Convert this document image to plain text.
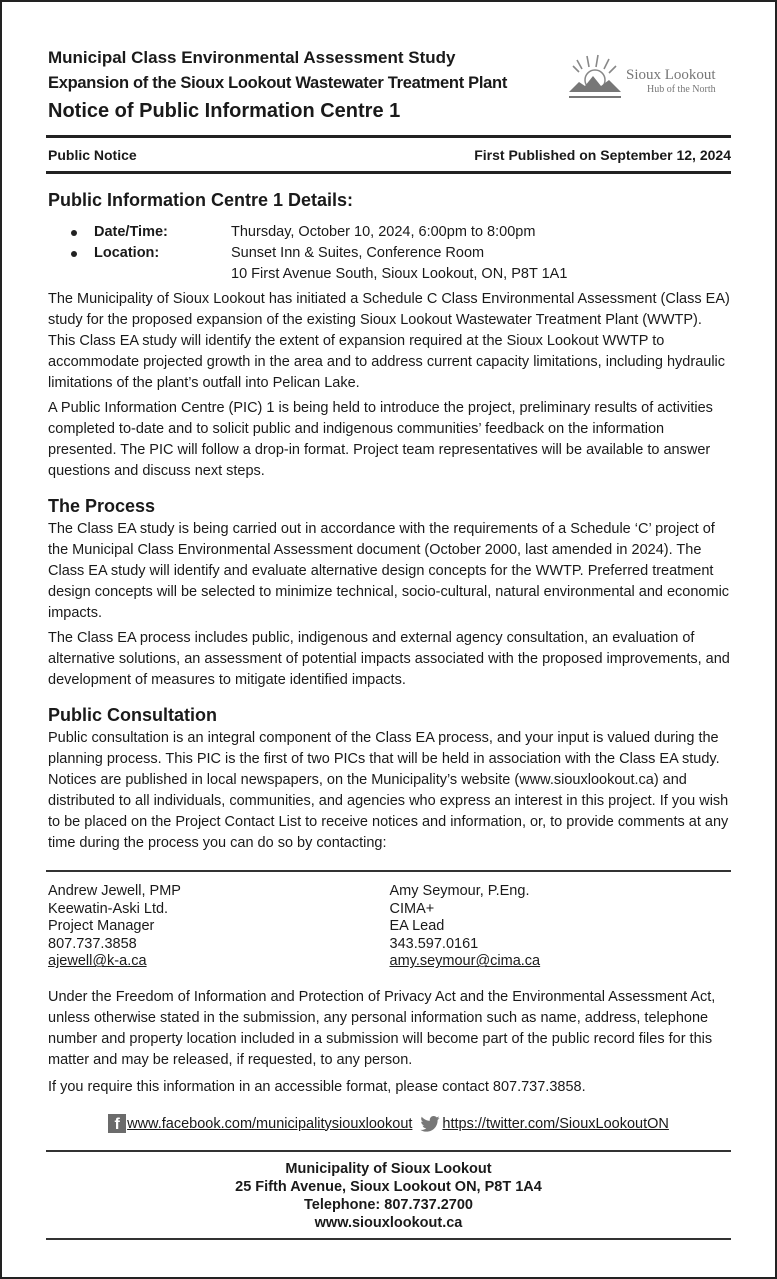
Municipal Class Environmental Assessment Study
Expansion of the Sioux Lookout Wastewater Treatment Plant
Notice of Public Information Centre 1
Sioux Lookout
Hub of the North
Public Notice	First Published on September 12, 2024
Public Information Centre 1 Details:
Date/Time:	Thursday, October 10, 2024, 6:00pm to 8:00pm
Location:	Sunset Inn & Suites, Conference Room
10 First Avenue South, Sioux Lookout, ON, P8T 1A1

The Municipality of Sioux Lookout has initiated a Schedule C Class Environmental Assessment (Class EA) study for the proposed expansion of the existing Sioux Lookout Wastewater Treatment Plant (WWTP). This Class EA study will identify the extent of expansion required at the Sioux Lookout WWTP to accommodate projected growth in the area and to address current capacity limitations, including hydraulic limitations of the plant’s outfall into Pelican Lake.

A Public Information Centre (PIC) 1 is being held to introduce the project, preliminary results of activities completed to-date and to solicit public and indigenous communities’ feedback on the information presented. The PIC will follow a drop-in format. Project team representatives will be available to answer questions and discuss next steps.

The Process

The Class EA study is being carried out in accordance with the requirements of a Schedule ‘C’ project of the Municipal Class Environmental Assessment document (October 2000, last amended in 2024). The Class EA study will identify and evaluate alternative design concepts for the WWTP. Preferred treatment design concepts will be selected to minimize technical, socio-cultural, natural environmental and economic impacts.

The Class EA process includes public, indigenous and external agency consultation, an evaluation of alternative solutions, an assessment of potential impacts associated with the proposed improvements, and development of measures to mitigate identified impacts.

Public Consultation

Public consultation is an integral component of the Class EA process, and your input is valued during the planning process. This PIC is the first of two PICs that will be held in association with the Class EA study. Notices are published in local newspapers, on the Municipality’s website (www.siouxlookout.ca) and distributed to all individuals, communities, and agencies who express an interest in this project. If you wish to be placed on the Project Contact List to receive notices and information, or, to provide comments at any time during the process you can do so by contacting:

Andrew Jewell, PMP
Keewatin-Aski Ltd.
Project Manager
807.737.3858
ajewell@k-a.ca
Amy Seymour, P.Eng.
CIMA+
EA Lead
343.597.0161
amy.seymour@cima.ca

Under the Freedom of Information and Protection of Privacy Act and the Environmental Assessment Act, unless otherwise stated in the submission, any personal information such as name, address, telephone number and property location included in a submission will become part of the public record files for this matter and may be released, if requested, to any person.

If you require this information in an accessible format, please contact 807.737.3858.

f www.facebook.com/municipalitysiouxlookout https://twitter.com/SiouxLookoutON
Municipality of Sioux Lookout
25 Fifth Avenue, Sioux Lookout ON, P8T 1A4
Telephone: 807.737.2700
www.siouxlookout.ca
